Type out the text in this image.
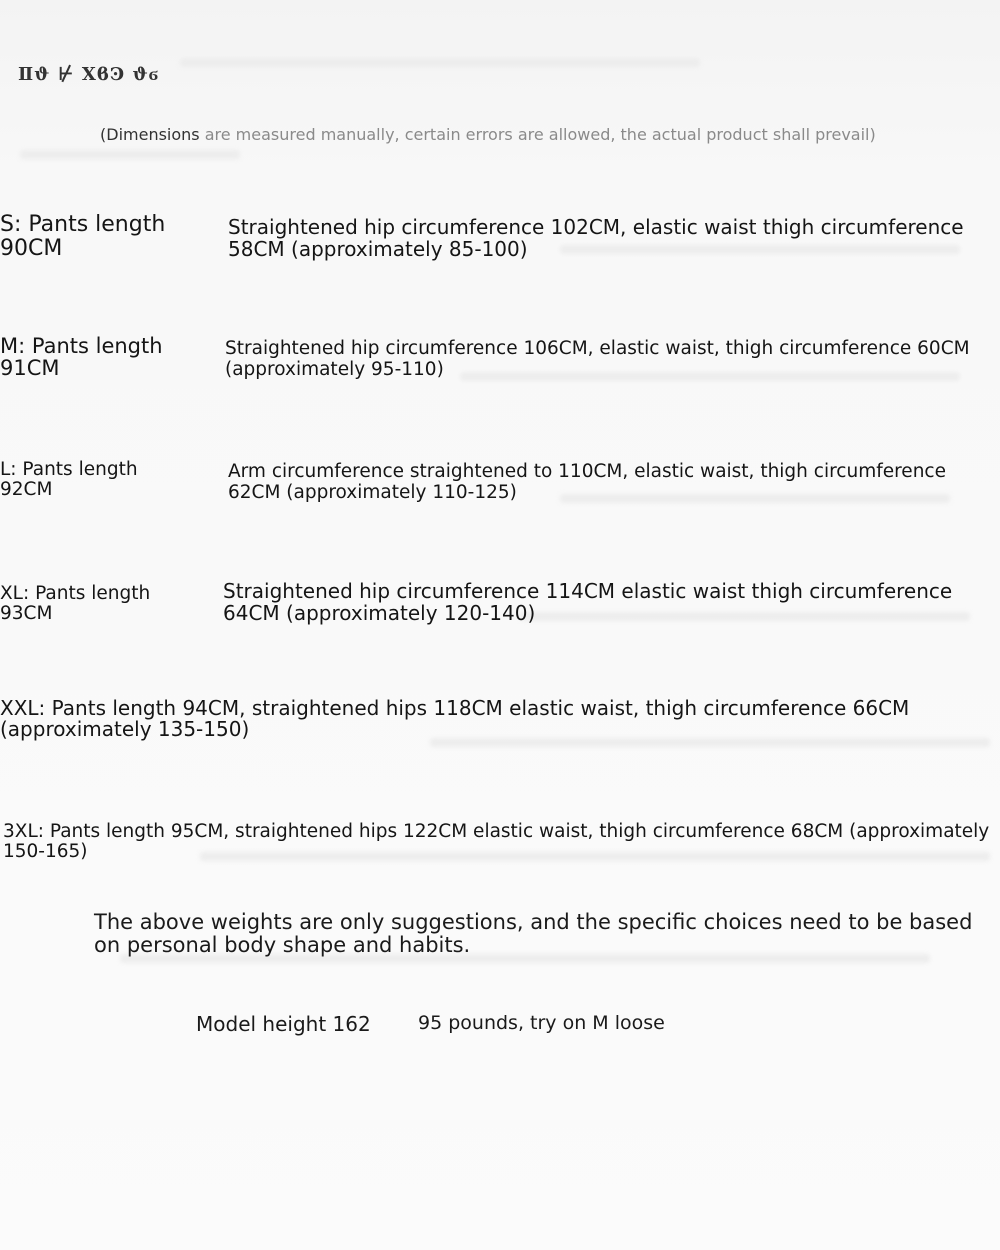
Ⅱϑ ⊬ ⅩϐϿ ϑϭ
(Dimensions are measured manually, certain errors are allowed, the actual product shall prevail)
S: Pants length 90CM
Straightened hip circumference 102CM, elastic waist thigh circumference 58CM (approximately 85-100)
M: Pants length 91CM
Straightened hip circumference 106CM, elastic waist, thigh circumference 60CM (approximately 95-110)
L: Pants length 92CM
Arm circumference straightened to 110CM, elastic waist, thigh circumference 62CM (approximately 110-125)
XL: Pants length 93CM
Straightened hip circumference 114CM elastic waist thigh circumference 64CM (approximately 120-140)
XXL: Pants length 94CM, straightened hips 118CM elastic waist, thigh circumference 66CM (approximately 135-150)
3XL: Pants length 95CM, straightened hips 122CM elastic waist, thigh circumference 68CM (approximately 150-165)
The above weights are only suggestions, and the specific choices need to be based on personal body shape and habits.
Model height 162 95 pounds, try on M loose
